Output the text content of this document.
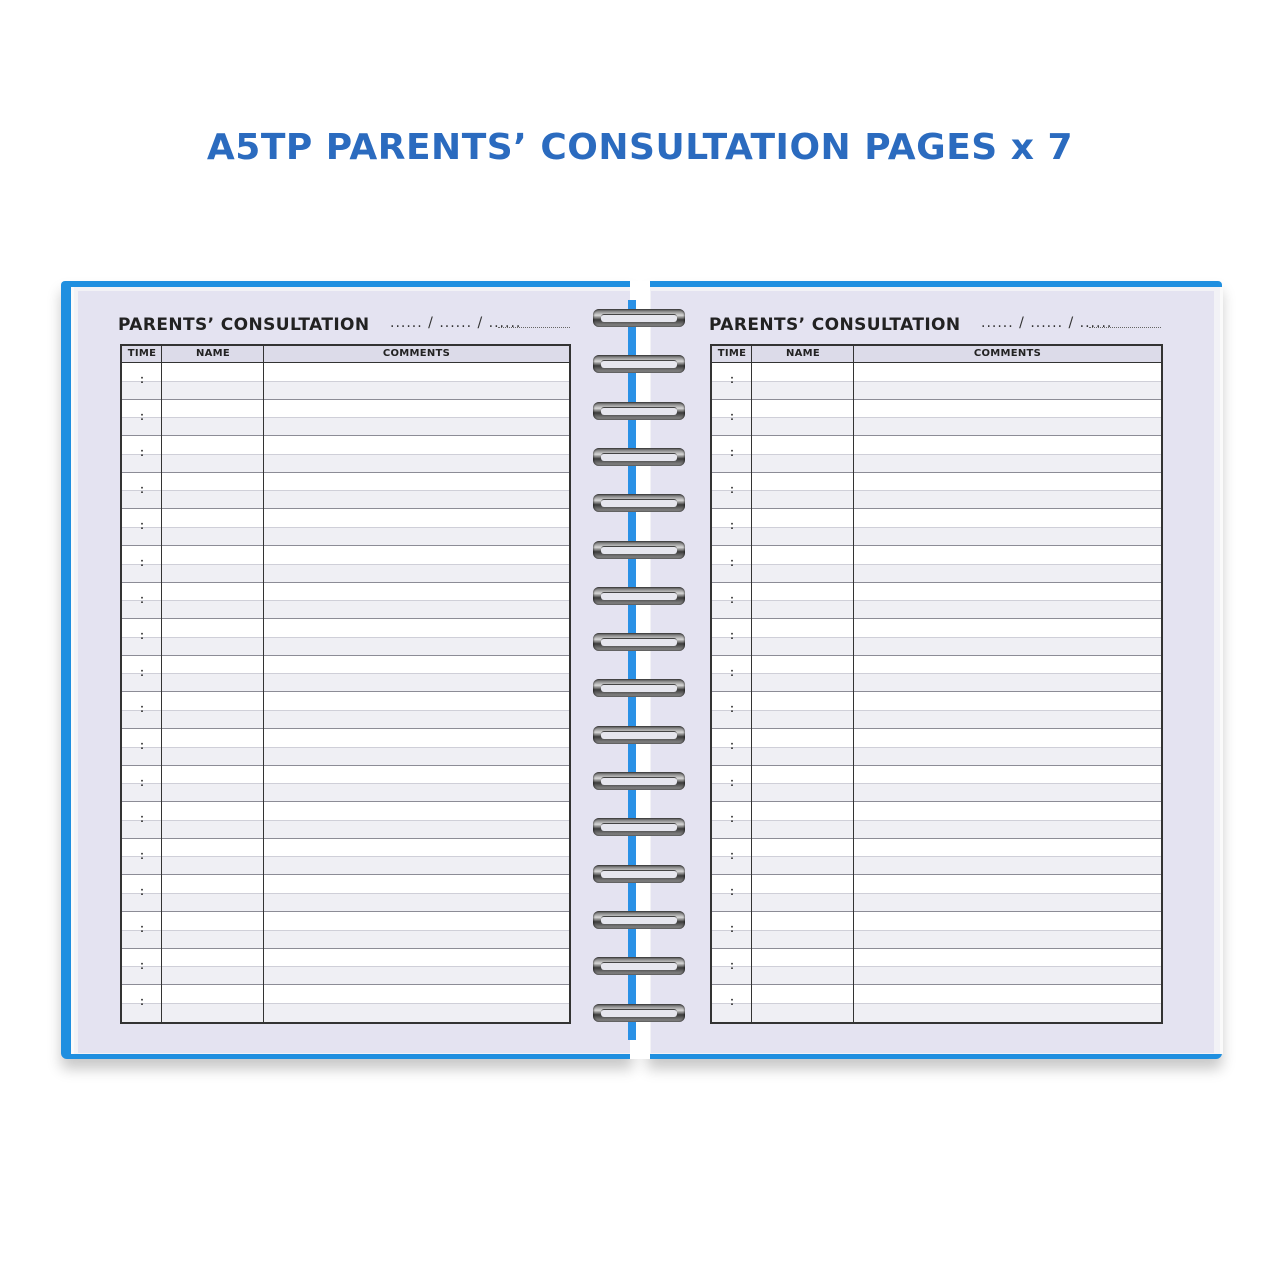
A5TP PARENTS’ CONSULTATION PAGES x 7
PARENTS’ CONSULTATION ...... / ...... / ......
TIME	NAME	COMMENTS
:
:
:
:
:
:
:
:
:
:
:
:
:
:
:
:
:
:
PARENTS’ CONSULTATION ...... / ...... / ......
TIME	NAME	COMMENTS
:
:
:
:
:
:
:
:
:
:
:
:
:
:
:
:
:
:
